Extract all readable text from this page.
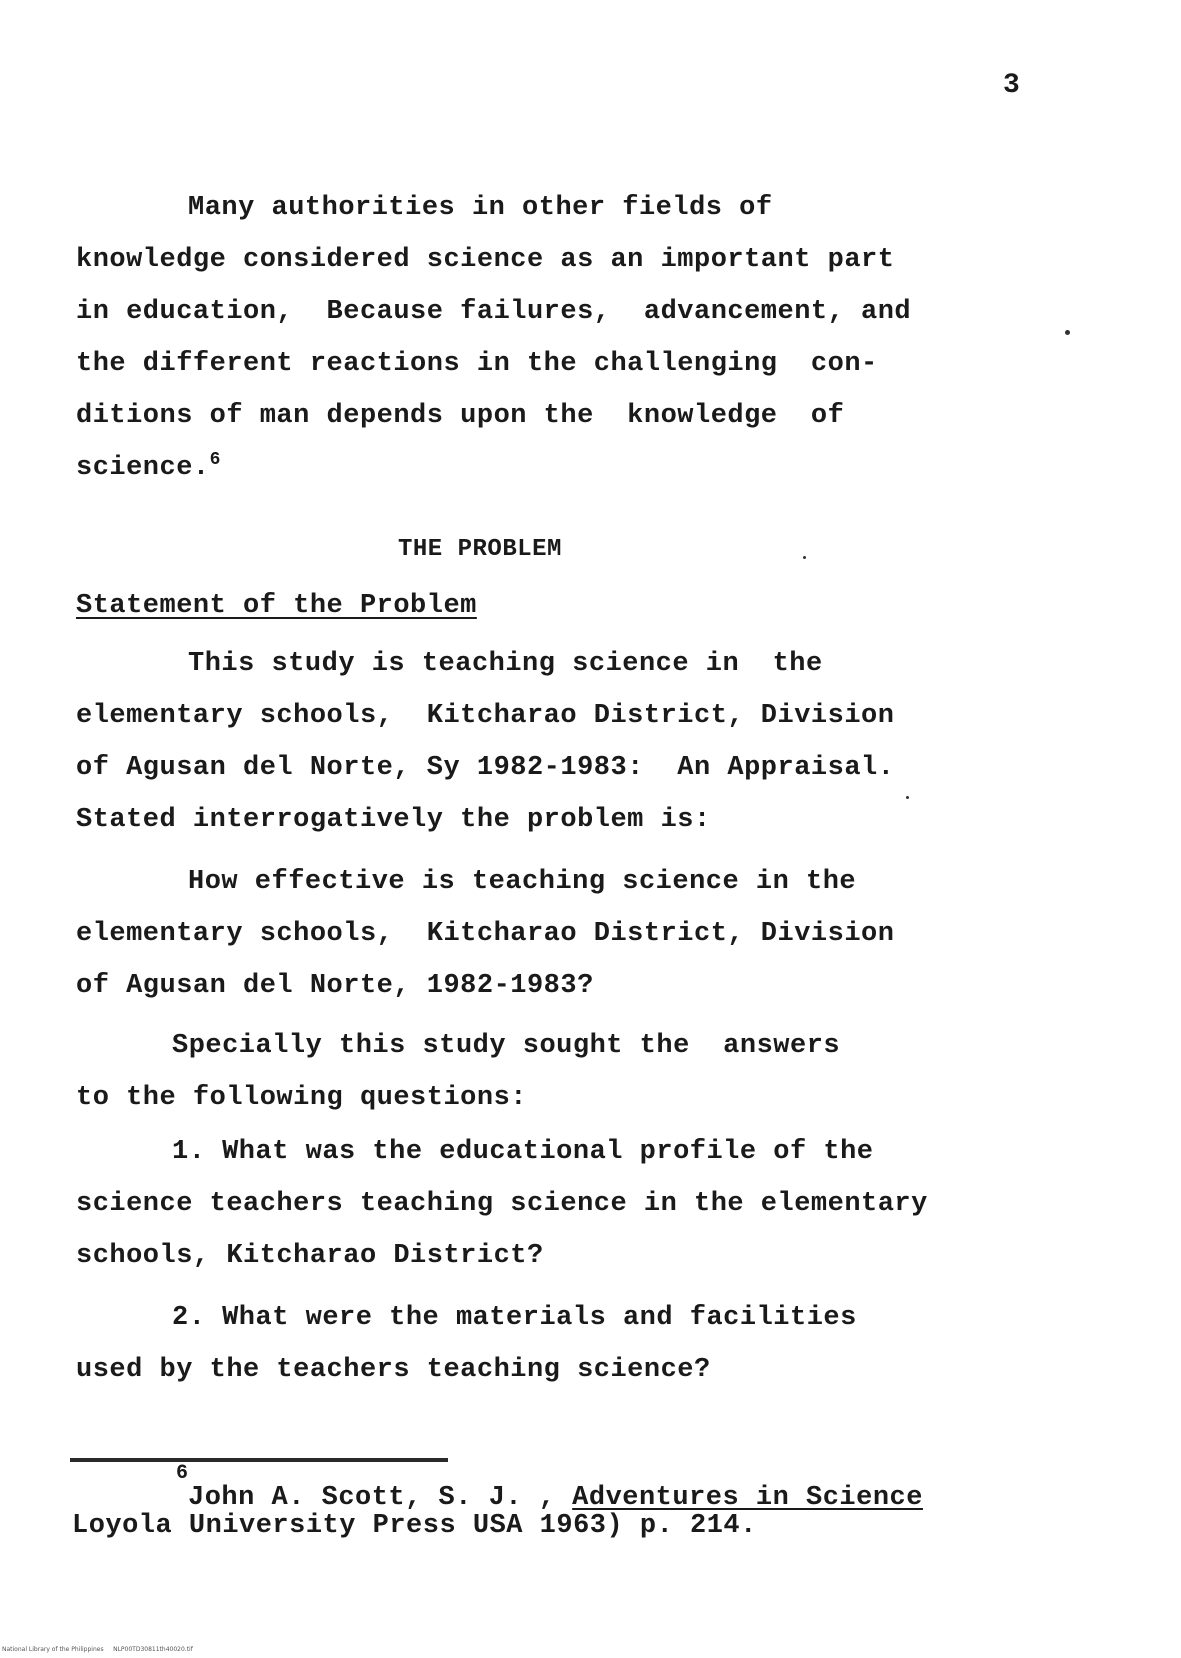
3
Many authorities in other fields of
knowledge considered science as an important part
in education,  Because failures,  advancement, and
the different reactions in the challenging  con-
ditions of man depends upon the  knowledge  of
science.$^6$
THE PROBLEM
Statement of the Problem
This study is teaching science in  the
elementary schools,  Kitcharao District, Division
of Agusan del Norte, Sy 1982-1983:  An Appraisal.
Stated interrogatively the problem is:
How effective is teaching science in the
elementary schools,  Kitcharao District, Division
of Agusan del Norte, 1982-1983?
Specially this study sought the  answers
to the following questions:
1. What was the educational profile of the
science teachers teaching science in the elementary
schools, Kitcharao District?
2. What were the materials and facilities
used by the teachers teaching science?
6
John A. Scott, S. J. , Adventures in Science
Loyola University Press USA 1963) p. 214.
National Library of the Philippines     NLP00TD30811th40020.tif
